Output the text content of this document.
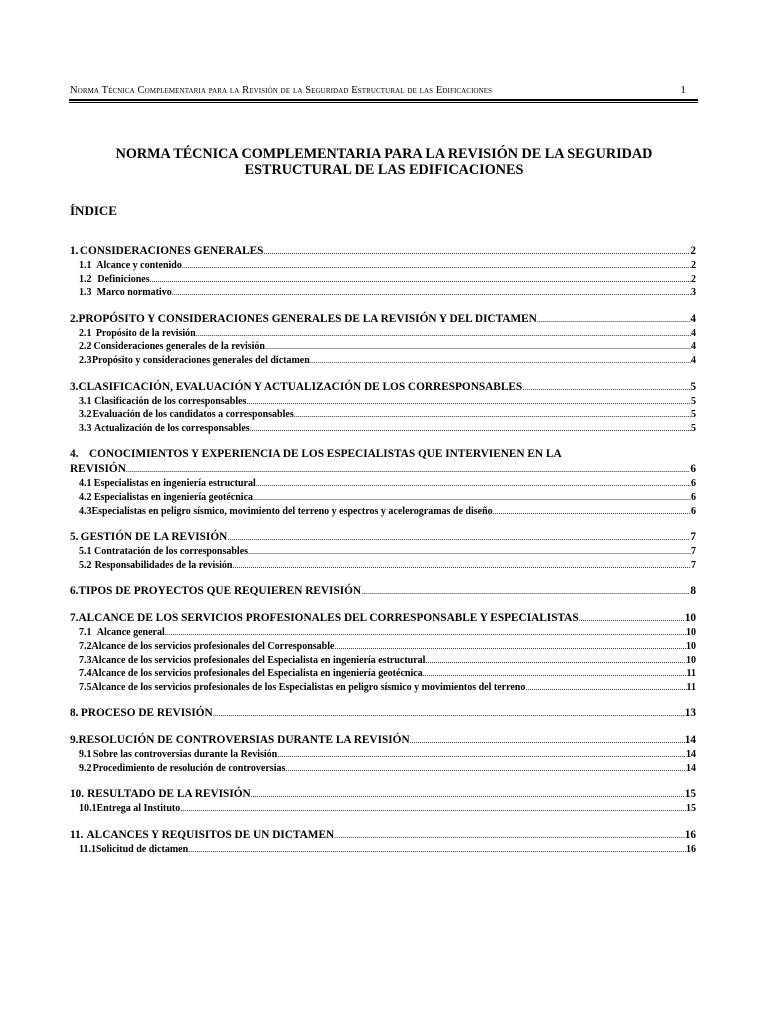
Norma Técnica Complementaria para la Revisión de la Seguridad Estructural de las Edificaciones	1
NORMA TÉCNICA COMPLEMENTARIA PARA LA REVISIÓN DE LA SEGURIDAD
ESTRUCTURAL DE LAS EDIFICACIONES
ÍNDICE
1. CONSIDERACIONES GENERALES .....	2
1.1 Alcance y contenido .....	2
1.2 Definiciones .....	2
1.3 Marco normativo .....	3
2. PROPÓSITO Y CONSIDERACIONES GENERALES DE LA REVISIÓN Y DEL DICTAMEN .....	4
2.1 Propósito de la revisión .....	4
2.2 Consideraciones generales de la revisión .....	4
2.3 Propósito y consideraciones generales del dictamen .....	4
3. CLASIFICACIÓN, EVALUACIÓN Y ACTUALIZACIÓN DE LOS CORRESPONSABLES .....	5
3.1 Clasificación de los corresponsables .....	5
3.2 Evaluación de los candidatos a corresponsables .....	5
3.3 Actualización de los corresponsables .....	5
4. CONOCIMIENTOS Y EXPERIENCIA DE LOS ESPECIALISTAS QUE INTERVIENEN EN LA
REVISIÓN .....	6
4.1 Especialistas en ingeniería estructural .....	6
4.2 Especialistas en ingeniería geotécnica .....	6
4.3 Especialistas en peligro sísmico, movimiento del terreno y espectros y acelerogramas de diseño .....	6
5. GESTIÓN DE LA REVISIÓN .....	7
5.1 Contratación de los corresponsables .....	7
5.2 Responsabilidades de la revisión .....	7
6. TIPOS DE PROYECTOS QUE REQUIEREN REVISIÓN .....	8
7. ALCANCE DE LOS SERVICIOS PROFESIONALES DEL CORRESPONSABLE Y ESPECIALISTAS .....	10
7.1 Alcance general .....	10
7.2 Alcance de los servicios profesionales del Corresponsable .....	10
7.3 Alcance de los servicios profesionales del Especialista en ingeniería estructural .....	10
7.4 Alcance de los servicios profesionales del Especialista en ingeniería geotécnica .....	11
7.5 Alcance de los servicios profesionales de los Especialistas en peligro sísmico y movimientos del terreno .....	11
8. PROCESO DE REVISIÓN .....	13
9. RESOLUCIÓN DE CONTROVERSIAS DURANTE LA REVISIÓN .....	14
9.1 Sobre las controversias durante la Revisión .....	14
9.2 Procedimiento de resolución de controversias .....	14
10. RESULTADO DE LA REVISIÓN .....	15
10.1 Entrega al Instituto .....	15
11. ALCANCES Y REQUISITOS DE UN DICTAMEN .....	16
11.1 Solicitud de dictamen .....	16
